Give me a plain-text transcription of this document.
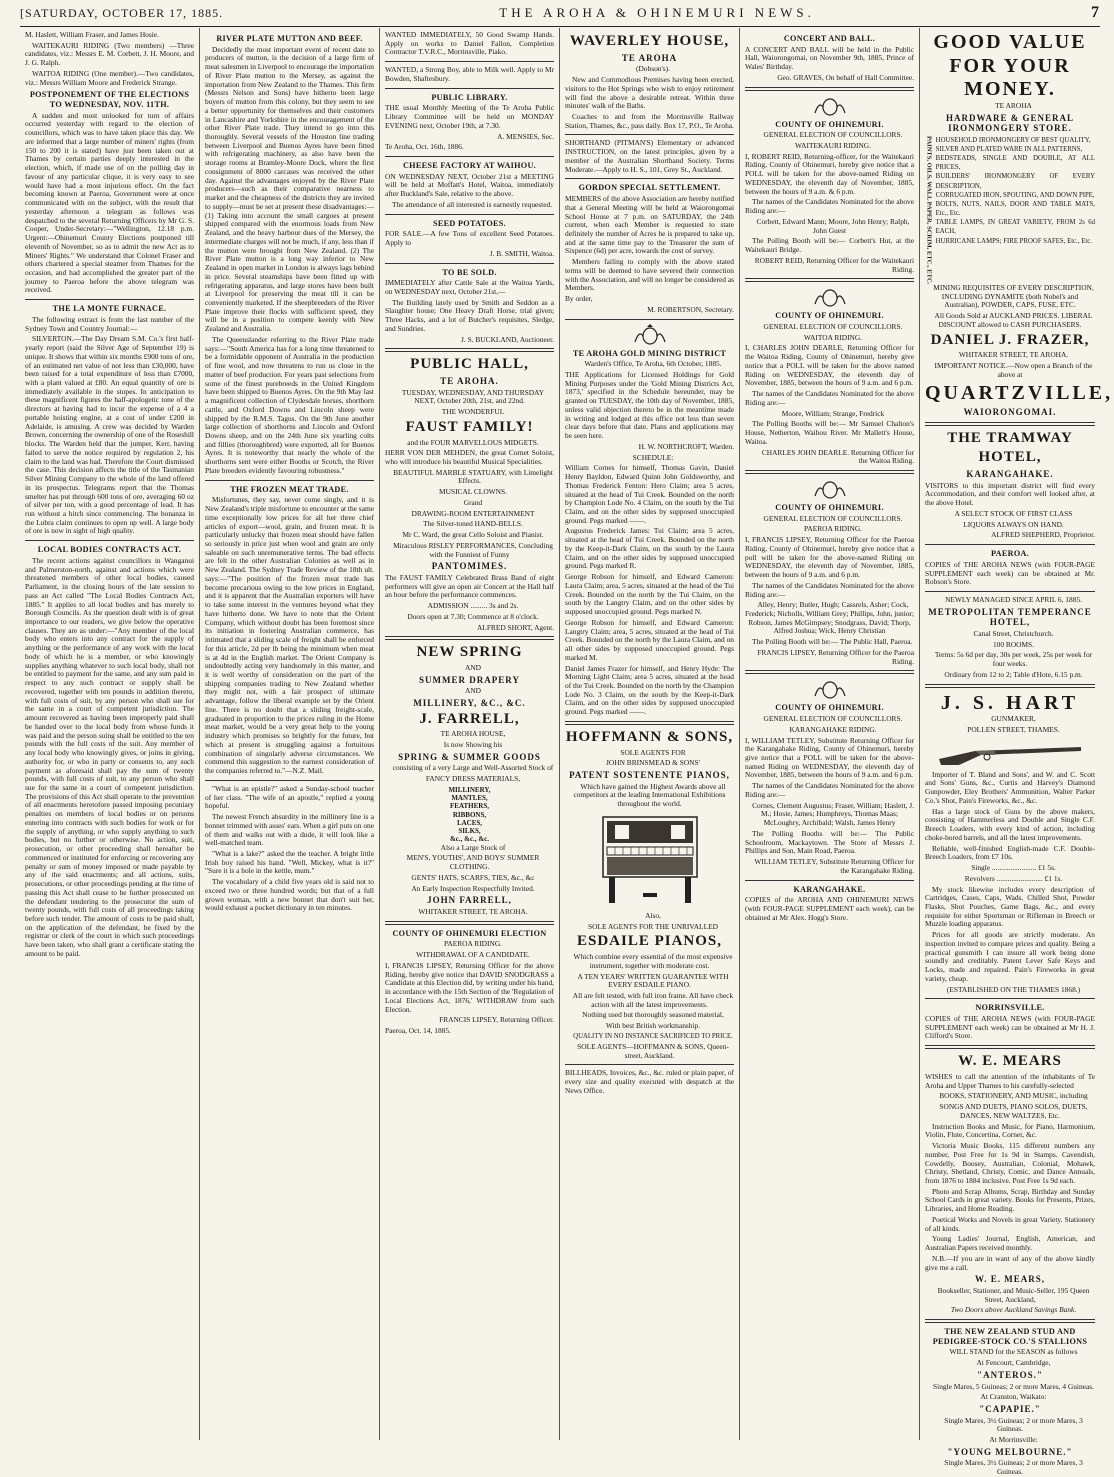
[SATURDAY, OCTOBER 17, 1885.	THE AROHA & OHINEMURI NEWS.	7

M. Haslett, William Fraser, and James Hosie.

WAITEKAURI RIDING (Two members) —Three candidates, viz.: Messrs E. M. Corbett, J. H. Moore, and J. G. Ralph.

WAITOA RIDING (One member).—Two candidates, viz.: Messrs William Moore and Frederick Strange.

POSTPONEMENT OF THE ELECTIONS TO WEDNESDAY, NOV. 11TH.

A sudden and most unlooked for turn of affairs occurred yesterday with regard to the election of councillors, which was to have taken place this day. We are informed that a large number of miners' rights (from 150 to 200 it is stated) have just been taken out at Thames by certain parties deeply interested in the election, which, if made use of on the polling day in favour of any particular clique, it is very easy to see would have had a most injurious effect. On the fact becoming known at Paeroa, Government were at once communicated with on the subject, with the result that yesterday afternoon a telegram as follows was despatched to the several Returning Officers by Mr G. S. Cooper, Under-Secretary:—"Wellington, 12.18 p.m. Urgent:—Ohinemuri County Elections postponed till eleventh of November, so as to admit the new Act as to Miners' Rights." We understand that Colonel Fraser and others chartered a special steamer from Thames for the occasion, and had accomplished the greater part of the journey to Paeroa before the above telegram was received.

THE LA MONTE FURNACE.

The following extract is from the last number of the Sydney Town and Country Journal:—

SILVERTON.—The Day Dream S.M. Co.'s first half-yearly report (said the Silver Age of September 19) is unique. It shows that within six months £900 tons of ore, of an estimated net value of not less than £30,000, have been raised for a total expenditure of less than £7000, with a plant valued at £80. An equal quantity of ore is immediately available in the stopes. In anticipation to these magnificent figures the half-apologetic tone of the directors at having had to incur the expense of a 4 a portable hoisting engine, at a cost of under £200 in Adelaide, is amusing. A crew was decided by Warden Brown, concerning the ownership of one of the Roseshill blocks. The Warden held that the jumper, Kerr, having failed to serve the notice required by regulation 2, his claim to the land was bad. Therefore the Court dismissed the case. This decision affects the title of the Tasmanian Silver Mining Company to the whole of the land offered in its prospectus. Telegrams report that the Thomas smelter has put through 600 tons of ore, averaging 60 oz of silver per ton, with a good percentage of lead. It has run without a hitch since commencing. The bonanza in the Lubra claim continues to open up well. A large body of ore is now in sight of high quality.

LOCAL BODIES CONTRACTS ACT.

The recent actions against councillors in Wanganui and Palmerston-north, against and actions which were threatened members of other local bodies, caused Parliament, in the closing hours of the late session to pass an Act called "The Local Bodies Contracts Act, 1885." It applies to all local bodies and has merely to Borough Councils. As the question dealt with is of great importance to our readers, we give below the operative clauses. They are as under:—"Any member of the local body who enters into any contract for the supply of anything or the performance of any work with the local body of which he is a member, or who knowingly supplies anything whatever to such local body, shall not be entitled to payment for the same, and any sum paid in respect to any such contract or supply shall be recovered, together with ten pounds in addition thereto, with full costs of suit, by any person who shall sue for the same in a court of competent jurisdiction. The amount recovered as having been improperly paid shall be handed over to the local body from whose funds it was paid and the person suing shall be entitled to the ten pounds with the full costs of the suit. Any member of any local body who knowingly gives, or joins in giving, authority for, or who in party or consents to, any such payment as aforesaid shall pay the sum of twenty pounds, with full costs of suit, to any person who shall sue for the same in a court of competent jurisdiction. The provisions of this Act shall operate to the prevention of all enactments heretofore passed imposing pecuniary penalties on members of local bodies or on persons entering into contracts with such bodies for work or for the supply of anything, or who supply anything to such bodies, but no further or otherwise. No action, suit, prosecution, or other proceeding shall hereafter be commenced or instituted for enforcing or recovering any penalty or sum of money imposed or made payable by any of the said enactments; and all actions, suits, prosecutions, or other proceedings pending at the time of passing this Act shall cease to be further prosecuted on the defendant tendering to the prosecutor the sum of twenty pounds, with full costs of all proceedings taking before such tender. The amount of costs to be paid shall, on the application of the defendant, be fixed by the registrar or clerk of the court in which such proceedings have been taken, who shall grant a certificate stating the amount to be paid.

RIVER PLATE MUTTON AND BEEF.

Decidedly the most important event of recent date to producers of mutton, is the decision of a large firm of meat salesmen in Liverpool to encourage the importation of River Plate mutton to the Mersey, as against the importation from New Zealand to the Thames. This firm (Messrs Nelson and Sons) have hitherto been large buyers of mutton from this colony, but they seem to see a better opportunity for themselves and their customers in Lancashire and Yorkshire in the encouragement of the other River Plate trade. They intend to go into this thoroughly. Several vessels of the Houston line trading between Liverpool and Buenos Ayres have been fitted with refrigerating machinery, as also have been the storage rooms at Bramley-Moore Dock, where the first consignment of 8000 carcases was received the other day. Against the advantages enjoyed by the River Plate producers—such as their comparative nearness to market and the cheapness of the districts they are invited to supply—must be set at present these disadvantages:—(1) Taking into account the small cargoes at present shipped compared with the enormous loads from New Zealand, and the heavy harbour dues of the Mersey, the intermediate charges will not be much, if any, less than if the mutton were brought from New Zealand. (2) The River Plate mutton is a long way inferior to New Zealand in open market in London is always lags behind in price. Several steamships have been fitted up with refrigerating apparatus, and large stores have been built at Liverpool for preserving the meat till it can be conveniently marketed. If the sheepbreeders of the River Plate improve their flocks with sufficient speed, they will be in a position to compete keenly with New Zealand and Australia.

The Queenslander referring to the River Plate trade says:—"South America has for a long time threatened to be a formidable opponent of Australia in the production of fine wool, and now threatens to run us close in the matter of beef production. For years past selections from some of the finest purebreeds in the United Kingdom have been shipped to Buenos Ayres. On the 9th May last a magnificent collection of Clydesdale horses, shorthorn cattle, and Oxford Downs and Lincoln sheep were shipped by the R.M.S. Tagus. On the 9th June another large collection of shorthorns and Lincoln and Oxford Downs sheep, and on the 24th June six yearling colts and fillies (thoroughbred) were exported, all for Buenos Ayres. It is noteworthy that nearly the whole of the shorthorns sent were either Booths or Scotch, the River Plate breeders evidently favouring robustness."

THE FROZEN MEAT TRADE.

Misfortunes, they say, never come singly, and it is New Zealand's triple misfortune to encounter at the same time exceptionally low prices for all her three chief articles of export—wool, grain, and frozen meat. It is particularly unlucky that frozen meat should have fallen so seriously in price just when wool and grain are only saleable on such unremunerative terms. The bad effects are felt in the other Australian Colonies as well as in New Zealand. The Sydney Trade Review of the 18th ult. says:—"The position of the frozen meat trade has become precarious owing to the low prices in England, and it is apparent that the Australian exporters will have to take some interest in the ventures beyond what they have hitherto done. We have to note that the Orient Company, which without doubt has been foremost since its initiation in fostering Australian commerce, has intimated that a sliding scale of freight shall be enforced for this article, 2d per lb being the minimum when meat is at 4d in the English market. The Orient Company is undoubtedly acting very handsomely in this matter, and it is well worthy of consideration on the part of the shipping companies trading to New Zealand whether they might not, with a fair prospect of ultimate advantage, follow the liberal example set by the Orient line. There is no doubt that a sliding freight-scale, graduated in proportion to the prices ruling in the Home meat market, would be a very great help to the young industry which promises so brightly for the future, but which at present is struggling against a fortuitous combination of singularly adverse circumstances. We commend this suggestion to the earnest consideration of the companies referred to."—N.Z. Mail.

"What is an epistle?" asked a Sunday-school teacher of her class. "The wife of an apostle," replied a young hopeful.

The newest French absurdity in the millinery line is a bonnet trimmed with asses' ears. When a girl puts on one of them and walks out with a dude, it will look like a well-matched team.

"What is a lake?" asked the the teacher. A bright little Irish boy raised his hand. "Well, Mickey, what is it?" "Sure it is a hole in the kettle, mum."

The vocabulary of a child five years old is said not to exceed two or three hundred words; but that of a full grown woman, with a new bonnet that don't suit her, would exhaust a pocket dictionary in ten minutes.

WANTED IMMEDIATELY, 50 Good Swamp Hands. Apply on works to Daniel Fallon, Completion Contractor T.V.R.C., Morrinsville, Piako.

WANTED, a Strong Boy, able to Milk well. Apply to Mr Bowden, Shaftesbury.

PUBLIC LIBRARY.

THE usual Monthly Meeting of the Te Aroha Public Library Committee will be held on MONDAY EVENING next, October 19th, at 7.30.

A. MENSIES, Sec.

Te Aroha, Oct. 16th, 1886.

CHEESE FACTORY AT WAIHOU.

ON WEDNESDAY NEXT, October 21st a MEETING will be held at Moffatt's Hotel, Waitoa, immediately after Buckland's Sale, relative to the above.

The attendance of all interested is earnestly requested.

SEED POTATOES.

FOR SALE.—A few Tons of excellent Seed Potatoes. Apply to

J. B. SMITH, Waitoa.

TO BE SOLD.

IMMEDIATELY after Cattle Sale at the Waitoa Yards, on WEDNESDAY next, October 21st,—

The Building lately used by Smith and Seddon as a Slaughter house; One Heavy Draft Horse, trial given; Three Hacks, and a lot of Butcher's requisites, Sledge, and Sundries.

J. S. BUCKLAND, Auctioneer.

PUBLIC HALL,
TE AROHA.

TUESDAY, WEDNESDAY, AND THURSDAY NEXT, October 20th, 21st, and 22nd.

THE WONDERFUL

FAUST FAMILY!

and the FOUR MARVELLOUS MIDGETS.

HERR VON DER MEHDEN, the great Cornet Soloist, who will introduce his beautiful Musical Specialities.

BEAUTIFUL MARBLE STATUARY, with Limelight Effects.

MUSICAL CLOWNS.

Grand

DRAWING-ROOM ENTERTAINMENT

The Silver-toned HAND-BELLS.

Mr C. Ward, the great Cello Soloist and Pianist.

Miraculous RISLEY PERFORMANCES, Concluding with the Funniest of Funny

PANTOMIMES.

The FAUST FAMILY Celebrated Brass Band of eight performers will give an open air Concert at the Hall half an hour before the performance commences.

ADMISSION ......... 3s and 2s.

Doors open at 7.30; Commence at 8 o'clock.

ALFRED SHORT, Agent.

NEW SPRING

AND

SUMMER DRAPERY

AND

MILLINERY, &C., &C.
J. FARRELL,

TE AROHA HOUSE,

Is now Showing his

SPRING & SUMMER GOODS

consisting of a very Large and Well-Assorted Stock of

FANCY DRESS MATERIALS,

MILLINERY,
MANTLES,
FEATHERS,
RIBBONS,
LACES,
SILKS,
&c., &c., &c.

Also a Large Stock of

MEN'S, YOUTHS', AND BOYS' SUMMER CLOTHING.

GENTS' HATS, SCARFS, TIES, &c., &c

An Early Inspection Respectfully Invited.

JOHN FARRELL,

WHITAKER STREET, TE AROHA.

COUNTY OF OHINEMURI ELECTION

PAEROA RIDING.

WITHDRAWAL OF A CANDIDATE.

I, FRANCIS LIPSEY, Returning Officer for the above Riding, hereby give notice that DAVID SNODGRASS a Candidate at this Election did, by writing under his hand, in accordance with the 15th Section of the 'Regulation of Local Elections Act, 1876,' WITHDRAW from such Election.

FRANCIS LIPSEY, Returning Officer.

Paeroa, Oct. 14, 1885.

WAVERLEY HOUSE,
TE AROHA

(Dobson's).

New and Commodious Premises having been erected, visitors to the Hot Springs who wish to enjoy retirement will find the above a desirable retreat. Within three minutes' walk of the Baths.

Coaches to and from the Morrinsville Railway Station, Thames, &c., pass daily. Box 17, P.O., Te Aroha.

SHORTHAND (PITMAN'S) Elementary or advanced INSTRUCTION, on the latest principles, given by a member of the Australian Shorthand Society. Terms Moderate.—Apply to H. S., 101, Grey St., Auckland.

GORDON SPECIAL SETTLEMENT.

MEMBERS of the above Association are hereby notified that a General Meeting will be held at Waiorongomai School House at 7 p.m. on SATURDAY, the 24th current, when each Member is requested to state definitely the number of Acres he is prepared to take up, and at the same time pay to the Treasurer the sum of Sixpence (6d) per acre, towards the cost of survey.

Members failing to comply with the above stated terms will be deemed to have severed their connection with the Association, and will no longer be considered as Members.

By order,

M. ROBERTSON, Secretary.

TE AROHA GOLD MINING DISTRICT

Warden's Office, Te Aroha, 6th October, 1885.

THE Applications for Licensed Holdings for Gold Mining Purposes under the 'Gold Mining Districts Act, 1873,' specified in the Schedule hereunder, may be granted on TUESDAY, the 10th day of November, 1885, unless valid objection thereto be in the meantime made in writing and lodged at this office not less than seven clear days before that date. Plans and applications may be seen here.

H. W. NORTHCROFT, Warden.

SCHEDULE:

William Cornes for himself, Thomas Gavin, Daniel Henry Bayldon, Edward Quinn John Goldsworthy, and Thomas Frederick Fenton: Hero Claim; area 5 acres, situated at the head of Tui Creek. Bounded on the north by Champion Lode No. 4 Claim, on the south by the Tui Claim, and on the other sides by supposed unoccupied ground. Pegs marked ——.

Augustus Frederick James: Tui Claim; area 5 acres, situated at the head of Tui Creek. Bounded on the north by the Keep-it-Dark Claim, on the south by the Laura Claim, and on the other sides by supposed unoccupied ground. Pegs marked R.

George Robson for himself, and Edward Cameron: Laura Claim; area, 5 acres, situated at the head of the Tui Creek. Bounded on the north by the Tui Claim, on the south by the Langtry Claim, and on the other sides by supposed unoccupied ground. Pegs marked N.

George Robson for himself, and Edward Cameron: Langtry Claim; area, 5 acres, situated at the head of Tui Creek. Bounded on the north by the Laura Claim, and on all other sides by supposed unoccupied ground. Pegs marked M.

Daniel James Frazer for himself, and Henry Hyde: The Morning Light Claim; area 5 acres, situated at the head of the Tui Creek. Bounded on the north by the Champion Lode No. 3 Claim, on the south by the Keep-it-Dark Claim, and on the other sides by supposed unoccupied ground. Pegs marked ——.

HOFFMANN & SONS,

SOLE AGENTS FOR

JOHN BRINSMEAD & SONS'

PATENT SOSTENENTE PIANOS,

Which have gained the Highest Awards above all competitors at the leading International Exhibitions throughout the world.

Also,

SOLE AGENTS FOR THE UNRIVALLED

ESDAILE PIANOS,

Which combine every essential of the most expensive instrument, together with moderate cost.

A TEN YEARS' WRITTEN GUARANTEE WITH EVERY ESDAILE PIANO.

All are felt tested, with full iron frame. All have check action with all the latest improvements.

Nothing used but thoroughly seasoned material,

With best British workmanship.

QUALITY IN NO INSTANCE SACRIFICED TO PRICE.

SOLE AGENTS—HOFFMANN & SONS, Queen-street, Auckland.

BILLHEADS, Invoices, &c., &c. ruled or plain paper, of every size and quality executed with despatch at the News Office.

CONCERT AND BALL.

A CONCERT AND BALL will be held in the Public Hall, Waiorongomai, on November 9th, 1885, Prince of Wales' Birthday.

Geo. GRAVES, On behalf of Hall Committee.

COUNTY OF OHINEMURI.

GENERAL ELECTION OF COUNCILLORS.

WAITEKAURI RIDING.

I, ROBERT REID, Returning-officer, for the Waitekauri Riding, County of Ohinemuri, hereby give notice that a POLL will be taken for the above-named Riding on WEDNESDAY, the eleventh day of November, 1885, between the hours of 9 a.m. & 6 p.m.

The names of the Candidates Nominated for the above Riding are:—

Corbett, Edward Mann; Moore, John Henry; Ralph, John Guest

The Polling Booth will be:— Corbett's Hut, at the Waitekauri Bridge.

ROBERT REID, Returning Officer for the Waitekauri Riding.

COUNTY OF OHINEMURI.

GENERAL ELECTION OF COUNCILLORS.

WAITOA RIDING.

I, CHARLES JOHN DEARLE, Returning Officer for the Waitoa Riding, County of Ohinemuri, hereby give notice that a POLL will be taken for the above named Riding on WEDNESDAY, the eleventh day of November, 1885, between the hours of 9 a.m. and 6 p.m.

The names of the Candidates Nominated for the above Riding are:—

Moore, William; Strange, Fredrick

The Polling Booths will be:— Mr Samuel Chalton's House, Netherton, Waihou River. Mr Mallett's House, Waitoa.

CHARLES JOHN DEARLE. Returning Officer for the Waitoa Riding.

COUNTY OF OHINEMURI.

GENERAL ELECTION OF COUNCILLORS.

PAEROA RIDING.

I, FRANCIS LIPSEY, Returning Officer for the Paeroa Riding, County of Ohinemuri, hereby give notice that a poll will be taken for the above-named Riding on WEDNESDAY, the eleventh day of November, 1885, between the hours of 9 a.m. and 6 p.m.

The names of the Candidates Nominated for the above Riding are:—

Alley, Henry; Butler, Hugh; Cassrels, Asher; Cock, Frederick; Nicholls, William Grey; Phillips, John, junior; Robson, James McGimpsey; Snodgrass, David; Thorp, Alfred Joshua; Wick, Henry Christian

The Polling Booth will be:— The Public Hall, Paeroa.

FRANCIS LIPSEY, Returning Officer for the Paeroa Riding.

COUNTY OF OHINEMURI.

GENERAL ELECTION OF COUNCILLORS.

KARANGAHAKE RIDING.

I, WILLIAM TETLEY, Substitute Returning Officer for the Karangahake Riding, County of Ohinemuri, hereby give notice that a POLL will be taken for the above-named Riding on WEDNESDAY, the eleventh day of November, 1885, between the hours of 9 a.m. and 6 p.m.

The names of the Candidates Nominated for the above Riding are:—

Cornes, Clement Augustus; Fraser, William; Haslett, J. M.; Hosie, James; Humphreys, Thomas Maas; McLoughry, Archibald; Walsh, James Henry

The Polling Booths will be:— The Public Schoolroom, Mackaytown. The Store of Messrs J. Phillips and Son, Main Road, Paeroa.

WILLIAM TETLEY, Substitute Returning Officer for the Karangahake Riding.

KARANGAHAKE.

COPIES of the AROHA AND OHINEMURI NEWS (with FOUR-PAGE SUPPLEMENT each week), can be obtained at Mr Alex. Hogg's Store.

GOOD VALUE FOR YOUR
MONEY.

TE AROHA

HARDWARE & GENERAL IRONMONGERY STORE.
PAINTS, OILS, WALL PAPER, SCRIM, ETC., ETC. HOUSEHOLD IRONMONGERY OF BEST QUALITY,
SILVER AND PLATED WARE IN ALL PATTERNS,
BEDSTEADS, SINGLE AND DOUBLE, AT ALL PRICES,
BUILDERS' IRONMONGERY OF EVERY DESCRIPTION,
CORRUGATED IRON, SPOUTING, AND DOWN PIPE,
BOLTS, NUTS, NAILS, DOOR AND TABLE MATS, Etc., Etc.
TABLE LAMPS, IN GREAT VARIETY, FROM 2s 6d EACH,
HURRICANE LAMPS; FIRE PROOF SAFES, Etc., Etc.

MINING REQUISITES OF EVERY DESCRIPTION, INCLUDING DYNAMITE (both Nobel's and Australian), POWDER, CAPS, FUSE, ETC.

All Goods Sold at AUCKLAND PRICES. LIBERAL DISCOUNT allowed to CASH PURCHASERS.

DANIEL J. FRAZER,

WHITAKER STREET, TE AROHA.

IMPORTANT NOTICE.—Now open a Branch of the above at

QUARTZVILLE,
WAIORONGOMAI.
THE TRAMWAY
HOTEL,
KARANGAHAKE.

VISITORS to this important district will find every Accommodation, and their comfort well looked after, at the above Hotel.

A SELECT STOCK OF FIRST CLASS

LIQUORS ALWAYS ON HAND.

ALFRED SHEPHERD, Proprietor.

PAEROA.

COPIES of THE AROHA NEWS (with FOUR-PAGE SUPPLEMENT each week) can be obtained at Mr. Robson's Store.

NEWLY MANAGED SINCE APRIL 6, 1885.

METROPOLITAN TEMPERANCE HOTEL,

Canal Street, Christchurch.

100 ROOMS.

Terms: 5s 6d per day, 30s per week, 25s per week for four weeks.

Ordinary from 12 to 2; Table d'Hote, 6.15 p.m.

J. S. HART

GUNMAKER,

POLLEN STREET, THAMES.

Importer of T. Bland and Sons', and W. and C. Scott and Sons' Guns, &c., Curtis and Harvey's Diamond Gunpowder, Eley Brothers' Ammunition, Walter Parker Co.'s Shot, Pain's Fireworks, &c., &c.

Has a large stock of Guns by the above makers, consisting of Hammerless and Double and Single C.F. Breech Loaders, with every kind of action, including choke-bored barrels, and all the latest improvements.

Reliable, well-finished English-made C.F. Double-Breech Loaders, from £7 10s.

Single ........................ £1 5s.

Revolvers ......................... £1 1s.

My stock likewise includes every description of Cartridges, Cases, Caps, Wads, Chilled Shot, Powder Flasks, Shot Pouches, Game Bags, &c., and every requisite for either Sportsman or Rifleman in Breech or Muzzle loading apparatus.

Prices for all goods are strictly moderate. An inspection invited to compare prices and quality. Being a practical gunsmith I can insure all work being done soundly and creditably. Patent Lever Safe Keys and Locks, made and repaired. Pain's Fireworks in great variety, cheap.

(ESTABLISHED ON THE THAMES 1868.)

NORRINSVILLE.

COPIES of THE AROHA NEWS (with FOUR-PAGE SUPPLEMENT each week) can be obtained at Mr H. J. Clifford's Store.

W. E. MEARS

WISHES to call the attention of the inhabitants of Te Aroha and Upper Thames to his carefully-selected

BOOKS, STATIONERY, AND MUSIC, including

SONGS AND DUETS, PIANO SOLOS, DUETS, DANCES, NEW WALTZES, Etc.

Instruction Books and Music, for Piano, Harmonium, Violin, Flute, Concertina, Cornet, &c.

Victoria Music Books, 115 different numbers any number, Post Free for 1s 9d in Stamps. Cavendish, Cowdelly, Boosey, Australian, Colonial, Mohawk, Christy, Shetland, Christy, Comic, and Dance Annuals, from 1876 to 1884 inclusive. Post Free 1s 9d each.

Photo and Scrap Albums, Scrap, Birthday and Sunday School Cards in great variety. Books for Presents, Prizes, Libraries, and Home Reading.

Poetical Works and Novels in great Variety. Stationery of all kinds.

Young Ladies' Journal, English, American, and Australian Papers received monthly.

N.B.—If you are in want of any of the above kindly give me a call.

W. E. MEARS,

Bookseller, Stationer, and Music-Seller, 195 Queen Street, Auckland,

Two Doors above Auckland Savings Bank.

THE NEW ZEALAND STUD AND PEDIGREE-STOCK CO.'S STALLIONS

WILL STAND for the SEASON as follows

At Fencourt, Cambridge,

"ANTEROS."

Single Mares, 5 Guineas; 2 or more Mares, 4 Guineas.

At Cranston, Waikato:

"CAPAPIE."

Single Mares, 3½ Guineas; 2 or more Mares, 3 Guineas.

At Morrinsville:

"YOUNG MELBOURNE."

Single Mares, 3½ Guineas; 2 or more Mares, 3 Guineas.
